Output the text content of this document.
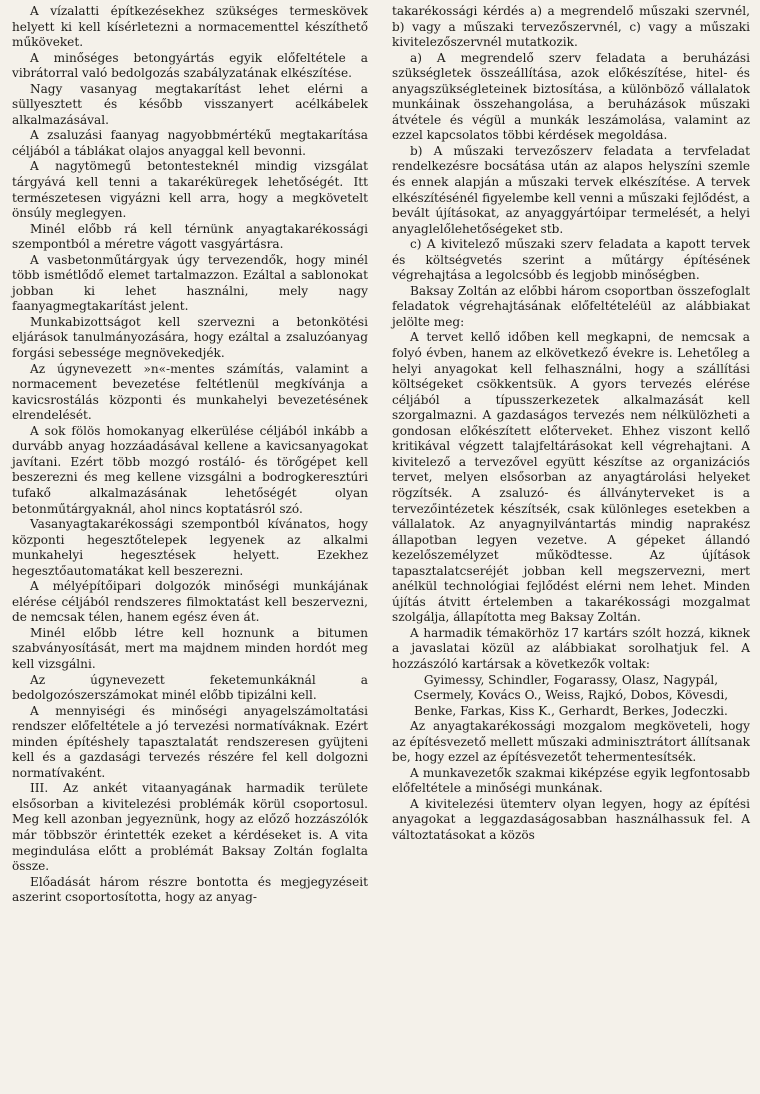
A vízalatti építkezésekhez szükséges termeskövek helyett ki kell kísérletezni a normacementtel készíthető műköveket.

A minőséges betongyártás egyik előfeltétele a vibrátorral való bedolgozás szabályzatának elkészítése.

Nagy vasanyag megtakarítást lehet elérni a süllyesztett és később visszanyert acélkábelek alkalmazásával.

A zsaluzási faanyag nagyobbmértékű megtakarítása céljából a táblákat olajos anyaggal kell bevonni.

A nagytömegű betontesteknél mindig vizsgálat tárgyává kell tenni a takaréküregek lehetőségét. Itt természetesen vigyázni kell arra, hogy a megkövetelt önsúly meglegyen.

Minél előbb rá kell térnünk anyagtakarékossági szempontból a méretre vágott vasgyártásra.

A vasbetonműtárgyak úgy tervezendők, hogy minél több ismétlődő elemet tartalmazzon. Ezáltal a sablonokat jobban ki lehet használni, mely nagy faanyagmegtakarítást jelent.

Munkabizottságot kell szervezni a betonkötési eljárások tanulmányozására, hogy ezáltal a zsaluzóanyag forgási sebessége megnövekedjék.

Az úgynevezett »n«-mentes számítás, valamint a normacement bevezetése feltétlenül megkívánja a kavicsrostálás központi és munkahelyi bevezetésének elrendelését.

A sok fölös homokanyag elkerülése céljából inkább a durvább anyag hozzáadásával kellene a kavicsanyagokat javítani. Ezért több mozgó rostáló- és törőgépet kell beszerezni és meg kellene vizsgálni a bodrogkeresztúri tufakő alkalmazásának lehetőségét olyan betonműtárgyaknál, ahol nincs koptatásról szó.

Vasanyagtakarékossági szempontból kívánatos, hogy központi hegesztőtelepek legyenek az alkalmi munkahelyi hegesztések helyett. Ezekhez hegesztőautomatákat kell beszerezni.

A mélyépítőipari dolgozók minőségi munkájának elérése céljából rendszeres filmoktatást kell beszervezni, de nemcsak télen, hanem egész éven át.

Minél előbb létre kell hoznunk a bitumen szabványosítását, mert ma majdnem minden hordót meg kell vizsgálni.

Az úgynevezett feketemunkáknál a bedolgozószerszámokat minél előbb tipizálni kell.

A mennyiségi és minőségi anyagelszámoltatási rendszer előfeltétele a jó tervezési normatíváknak. Ezért minden építéshely tapasztalatát rendszeresen gyüjteni kell és a gazdasági tervezés részére fel kell dolgozni normatívaként.

III. Az ankét vitaanyagának harmadik területe elsősorban a kivitelezési problémák körül csoportosul. Meg kell azonban jegyeznünk, hogy az előző hozzászólók már többször érintették ezeket a kérdéseket is. A vita megindulása előtt a problémát Baksay Zoltán foglalta össze.

Előadását három részre bontotta és megjegyzéseit aszerint csoportosította, hogy az anyag-

takarékossági kérdés a) a megrendelő műszaki szervnél, b) vagy a műszaki tervezőszervnél, c) vagy a műszaki kivitelezőszervnél mutatkozik.

a) A megrendelő szerv feladata a beruházási szükségletek összeállítása, azok előkészítése, hitel- és anyagszükségleteinek biztosítása, a különböző vállalatok munkáinak összehangolása, a beruházások műszaki átvétele és végül a munkák leszámolása, valamint az ezzel kapcsolatos többi kérdések megoldása.

b) A műszaki tervezőszerv feladata a tervfeladat rendelkezésre bocsátása után az alapos helyszíni szemle és ennek alapján a műszaki tervek elkészítése. A tervek elkészítésénél figyelembe kell venni a műszaki fejlődést, a bevált újításokat, az anyaggyártóipar termelését, a helyi anyaglelőlehetőségeket stb.

c) A kivitelező műszaki szerv feladata a kapott tervek és költségvetés szerint a műtárgy építésének végrehajtása a legolcsóbb és legjobb minőségben.

Baksay Zoltán az előbbi három csoportban összefoglalt feladatok végrehajtásának előfeltételéül az alábbiakat jelölte meg:

A tervet kellő időben kell megkapni, de nemcsak a folyó évben, hanem az elkövetkező évekre is. Lehetőleg a helyi anyagokat kell felhasználni, hogy a szállítási költségeket csökkentsük. A gyors tervezés elérése céljából a típusszerkezetek alkalmazását kell szorgalmazni. A gazdaságos tervezés nem nélkülözheti a gondosan előkészített előterveket. Ehhez viszont kellő kritikával végzett talajfeltárásokat kell végrehajtani. A kivitelező a tervezővel együtt készítse az organizációs tervet, melyen elsősorban az anyagtárolási helyeket rögzítsék. A zsaluzó- és állványterveket is a tervezőintézetek készítsék, csak különleges esetekben a vállalatok. Az anyagnyilvántartás mindig naprakész állapotban legyen vezetve. A gépeket állandó kezelőszemélyzet működtesse. Az újítások tapasztalatcseréjét jobban kell megszervezni, mert anélkül technológiai fejlődést elérni nem lehet. Minden újítás átvitt értelemben a takarékossági mozgalmat szolgálja, állapította meg Baksay Zoltán.

A harmadik témakörhöz 17 kartárs szólt hozzá, kiknek a javaslatai közül az alábbiakat sorolhatjuk fel. A hozzászóló kartársak a következők voltak:

Gyimessy, Schindler, Fogarassy, Olasz, Nagypál, Csermely, Kovács O., Weiss, Rajkó, Dobos, Kövesdi, Benke, Farkas, Kiss K., Gerhardt, Berkes, Jodeczki.

Az anyagtakarékossági mozgalom megköveteli, hogy az építésvezető mellett műszaki adminisztrátort állítsanak be, hogy ezzel az építésvezetőt tehermentesítsék.

A munkavezetők szakmai kiképzése egyik legfontosabb előfeltétele a minőségi munkának.

A kivitelezési ütemterv olyan legyen, hogy az építési anyagokat a leggazdaságosabban használhassuk fel. A változtatásokat a közös
